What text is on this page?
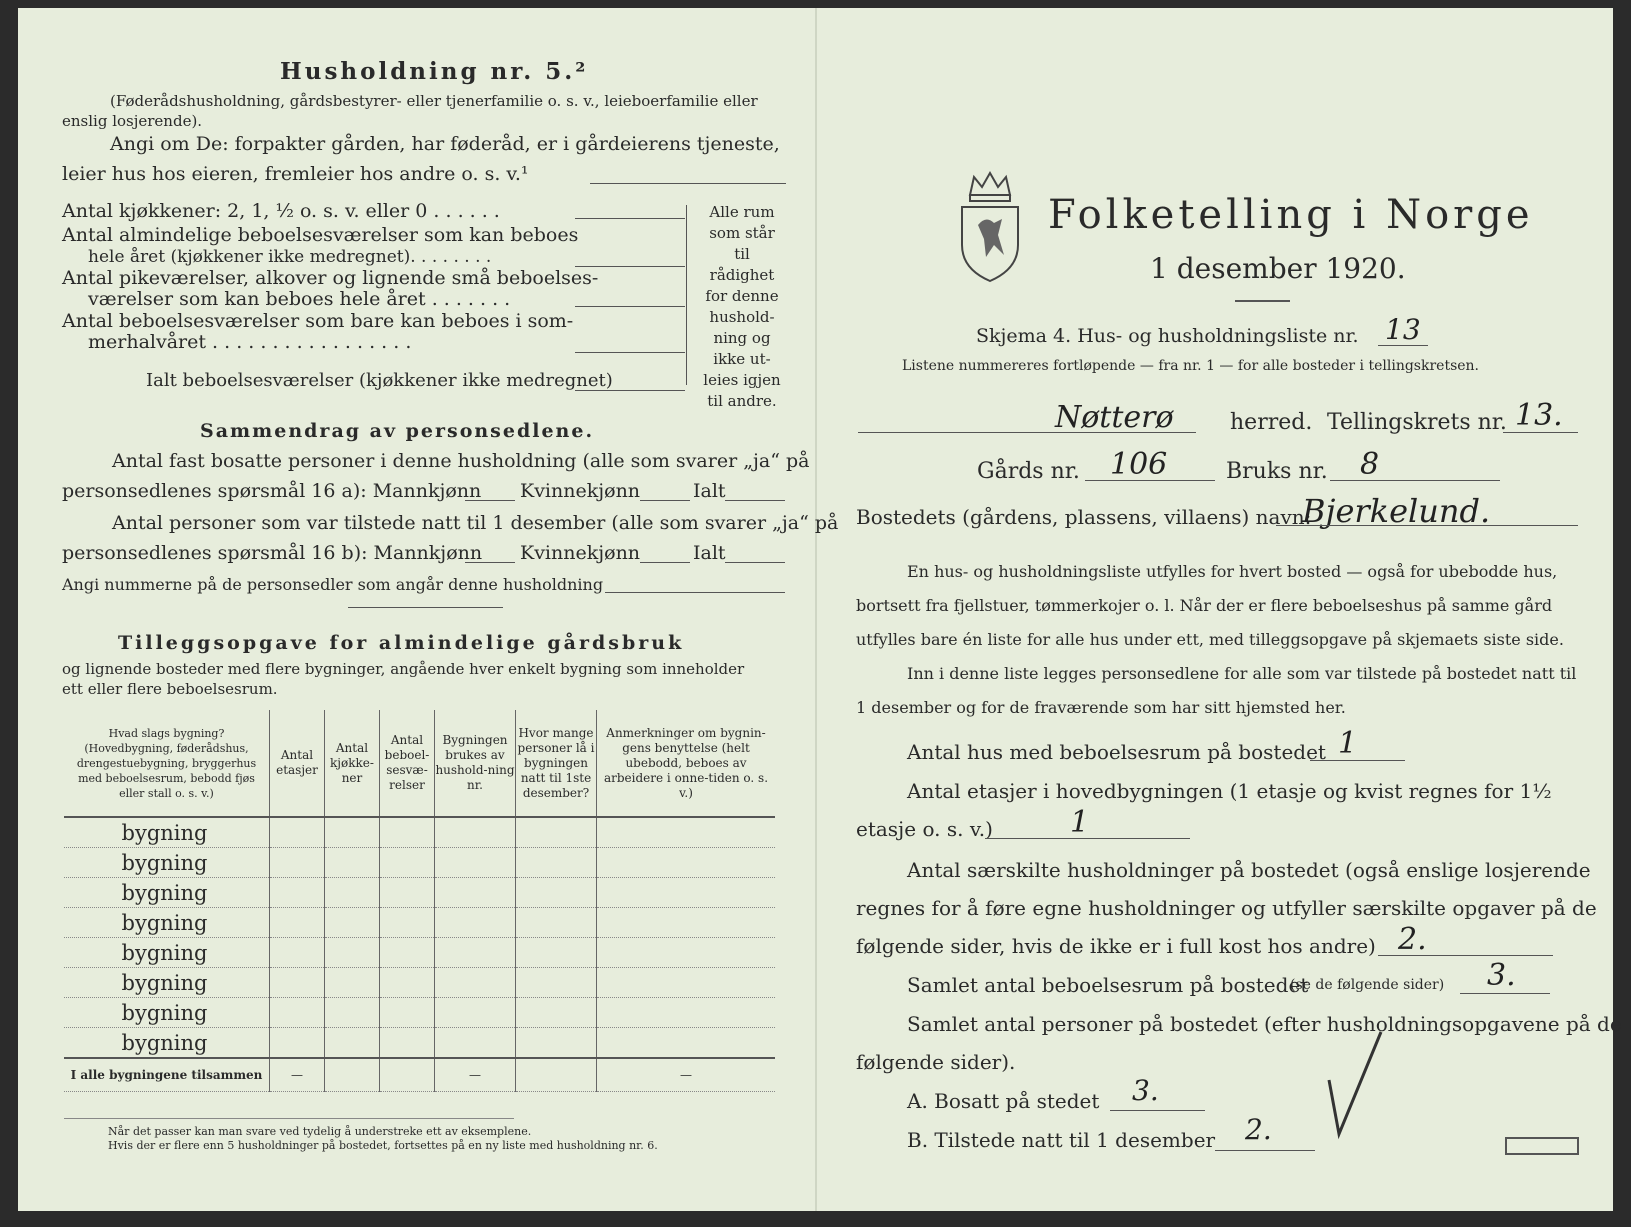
Husholdning nr. 5.²
(Føderådshusholdning, gårdsbestyrer- eller tjenerfamilie o. s. v., leieboerfamilie eller
enslig losjerende).
Angi om De: forpakter gården, har føderåd, er i gårdeierens tjeneste,
leier hus hos eieren, fremleier hos andre o. s. v.¹
Antal kjøkkener: 2, 1, ½ o. s. v. eller 0 . . . . . .
Antal almindelige beboelsesværelser som kan beboes
hele året (kjøkkener ikke medregnet). . . . . . . .
Antal pikeværelser, alkover og lignende små beboelses-
værelser som kan beboes hele året . . . . . . .
Antal beboelsesværelser som bare kan beboes i som-
merhalvåret . . . . . . . . . . . . . . . . .
Ialt beboelsesværelser (kjøkkener ikke medregnet)
Alle rum
som står til
rådighet
for denne
hushold-
ning og
ikke ut-
leies igjen
til andre.
Sammendrag av personsedlene.
Antal fast bosatte personer i denne husholdning (alle som svarer „ja“ på
personsedlenes spørsmål 16 a): Mannkjønn Kvinnekjønn	Ialt
Antal personer som var tilstede natt til 1 desember (alle som svarer „ja“ på
personsedlenes spørsmål 16 b): Mannkjønn Kvinnekjønn	Ialt
Angi nummerne på de personsedler som angår denne husholdning
Tilleggsopgave for almindelige gårdsbruk
og lignende bosteder med flere bygninger, angående hver enkelt bygning som inneholder
ett eller flere beboelsesrum.
Hvad slags bygning?
(Hovedbygning, føderådshus, drengestuebygning, bryggerhus med beboelsesrum, bebodd fjøs eller stall o. s. v.)	Antal etasjer	Antal kjøkke-ner	Antal beboel-sesvæ-relser	Bygningen brukes av hushold-ning nr.	Hvor mange personer lå i bygningen natt til 1ste desember?	Anmerkninger om bygnin-gens benyttelse (helt ubebodd, beboes av arbeidere i onne-tiden o. s. v.)
bygning						
bygning						
bygning						
bygning						
bygning						
bygning						
bygning						
bygning						
I alle bygningene tilsammen	—			—		—
Når det passer kan man svare ved tydelig å understreke ett av eksemplene.
Hvis der er flere enn 5 husholdninger på bostedet, fortsettes på en ny liste med husholdning nr. 6.
Folketelling i Norge
1 desember 1920.
Skjema 4. Hus- og husholdningsliste nr. 13
Listene nummereres fortløpende — fra nr. 1 — for alle bosteder i tellingskretsen.
Nøtterø	herred. Tellingskrets nr. 13.
Gårds nr. 106	Bruks nr. 8
Bostedets (gårdens, plassens, villaens) navn:
Bjerkelund.
En hus- og husholdningsliste utfylles for hvert bosted — også for ubebodde hus,
bortsett fra fjellstuer, tømmerkojer o. l. Når der er flere beboelseshus på samme gård
utfylles bare én liste for alle hus under ett, med tilleggsopgave på skjemaets siste side.
Inn i denne liste legges personsedlene for alle som var tilstede på bostedet natt til
1 desember og for de fraværende som har sitt hjemsted her.
Antal hus med beboelsesrum på bostedet 1
Antal etasjer i hovedbygningen (1 etasje og kvist regnes for 1½
etasje o. s. v.)	1
Antal særskilte husholdninger på bostedet (også enslige losjerende
regnes for å føre egne husholdninger og utfyller særskilte opgaver på de
følgende sider, hvis de ikke er i full kost hos andre) 2.
Samlet antal beboelsesrum på bostedet
(se de følgende sider) 3.
Samlet antal personer på bostedet (efter husholdningsopgavene på de
følgende sider).
A. Bosatt på stedet 3.
B. Tilstede natt til 1 desember 2.
